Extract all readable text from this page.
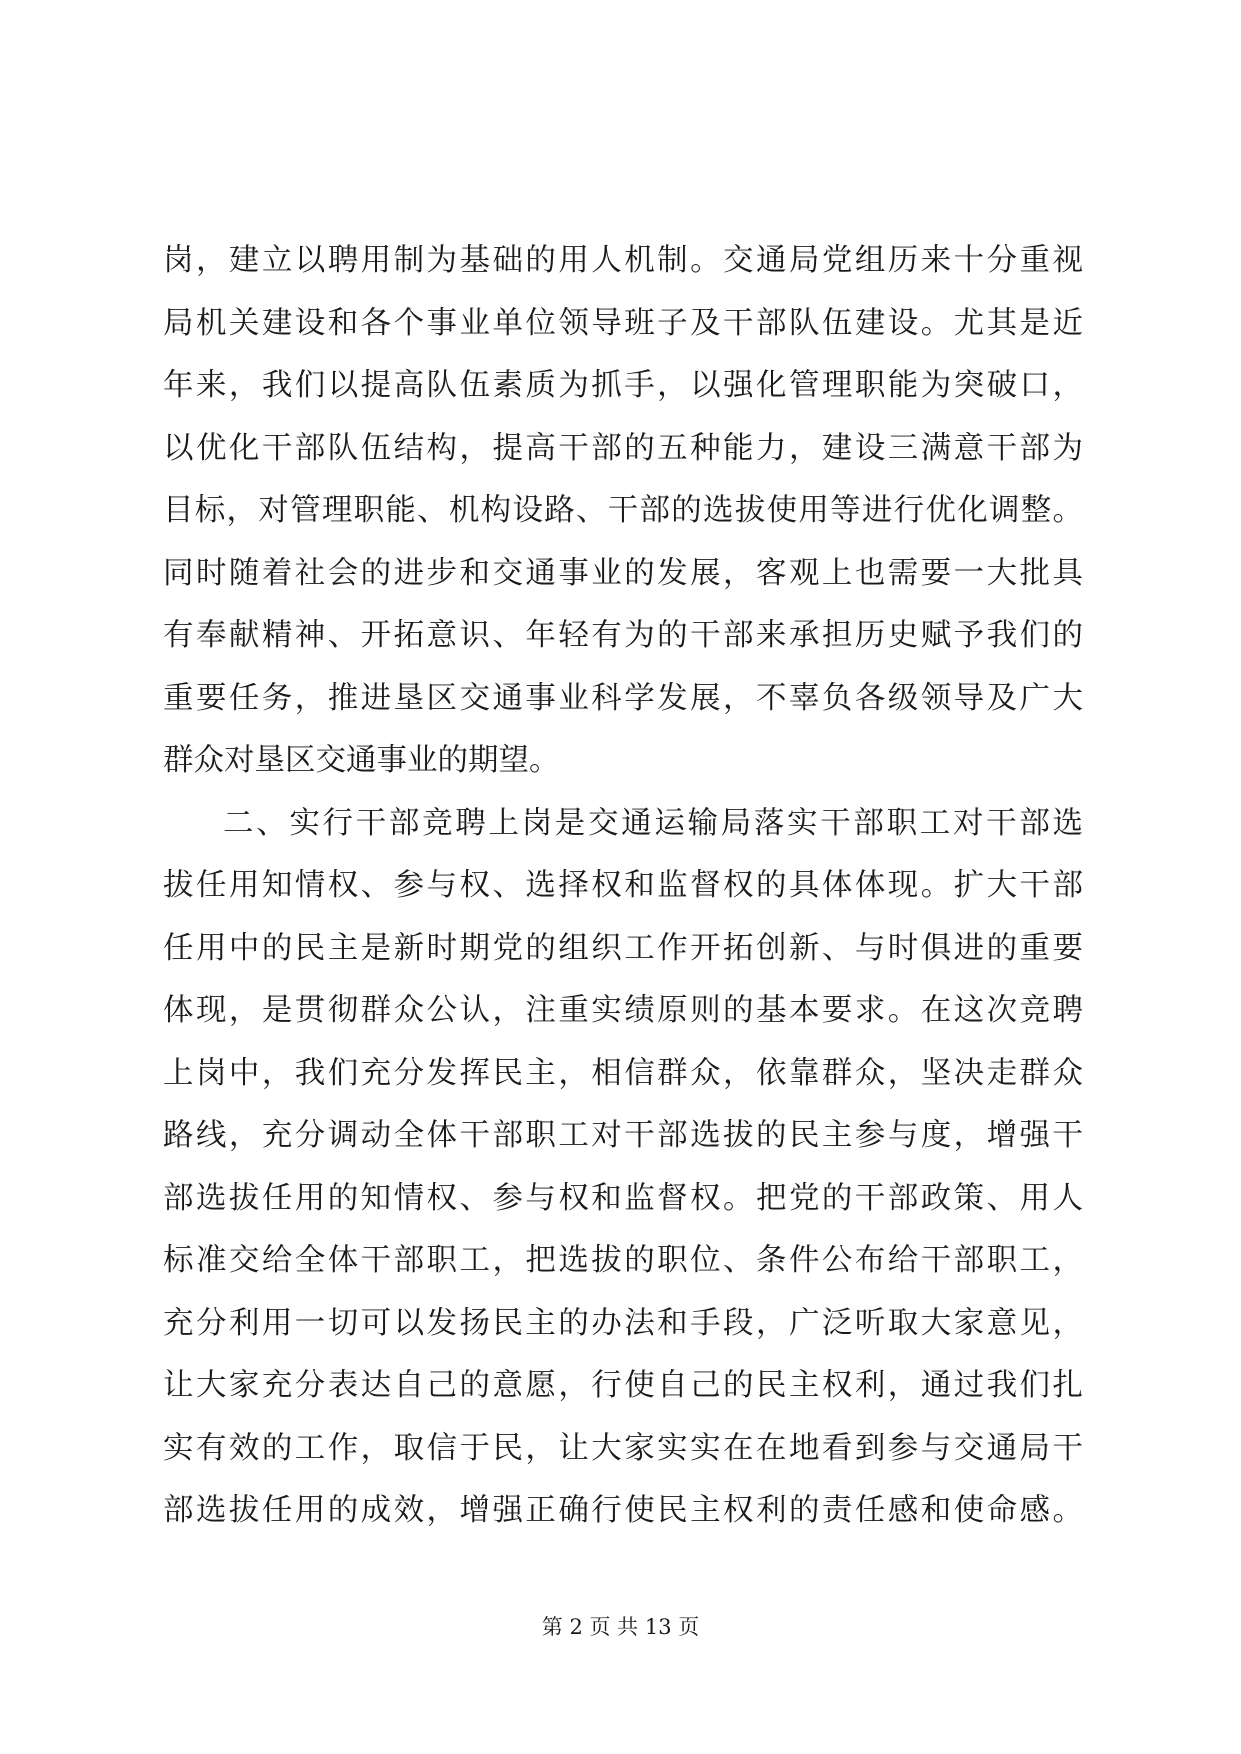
岗，建立以聘用制为基础的用人机制。交通局党组历来十分重视
局机关建设和各个事业单位领导班子及干部队伍建设。尤其是近
年来，我们以提高队伍素质为抓手，以强化管理职能为突破口，
以优化干部队伍结构，提高干部的五种能力，建设三满意干部为
目标，对管理职能、机构设路、干部的选拔使用等进行优化调整。
同时随着社会的进步和交通事业的发展，客观上也需要一大批具
有奉献精神、开拓意识、年轻有为的干部来承担历史赋予我们的
重要任务，推进垦区交通事业科学发展，不辜负各级领导及广大
群众对垦区交通事业的期望。
二、实行干部竞聘上岗是交通运输局落实干部职工对干部选
拔任用知情权、参与权、选择权和监督权的具体体现。扩大干部
任用中的民主是新时期党的组织工作开拓创新、与时俱进的重要
体现，是贯彻群众公认，注重实绩原则的基本要求。在这次竞聘
上岗中，我们充分发挥民主，相信群众，依靠群众，坚决走群众
路线，充分调动全体干部职工对干部选拔的民主参与度，增强干
部选拔任用的知情权、参与权和监督权。把党的干部政策、用人
标准交给全体干部职工，把选拔的职位、条件公布给干部职工，
充分利用一切可以发扬民主的办法和手段，广泛听取大家意见，
让大家充分表达自己的意愿，行使自己的民主权利，通过我们扎
实有效的工作，取信于民，让大家实实在在地看到参与交通局干
部选拔任用的成效，增强正确行使民主权利的责任感和使命感。
第 2 页 共 13 页
